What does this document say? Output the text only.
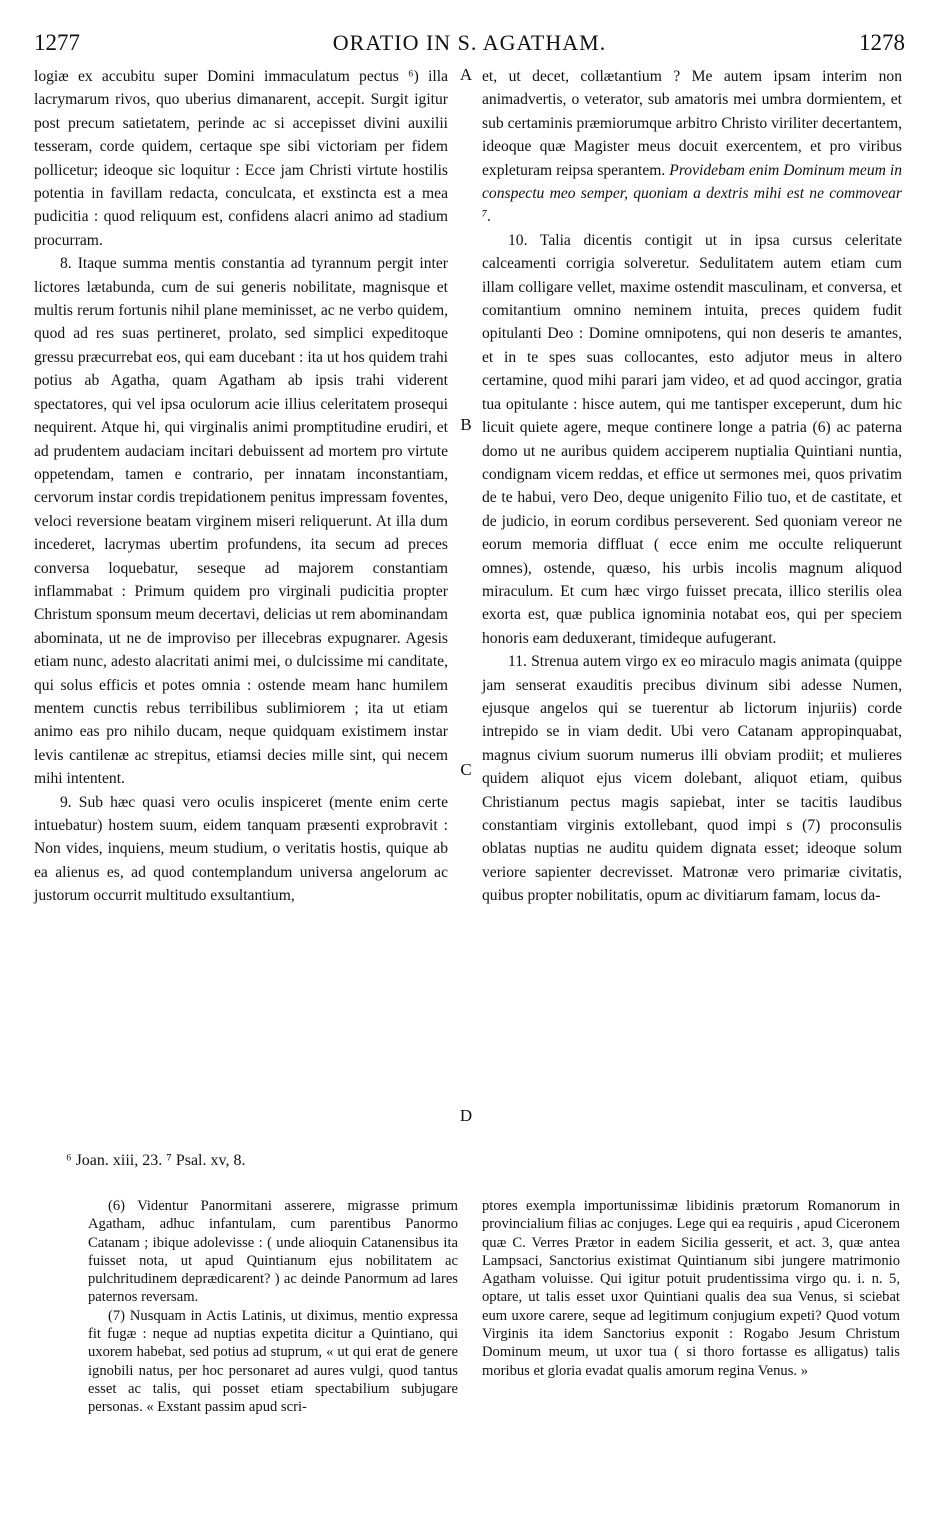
1277	ORATIO IN S. AGATHAM.	1278

logiæ ex accubitu super Domini immaculatum pectus ⁶) illa lacrymarum rivos, quo uberius dimanarent, accepit. Surgit igitur post precum satietatem, perinde ac si accepisset divini auxilii tesseram, corde quidem, certaque spe sibi victoriam per fidem pollicetur; ideoque sic loquitur : Ecce jam Christi virtute hostilis potentia in favillam redacta, conculcata, et exstincta est a mea pudicitia : quod reliquum est, confidens alacri animo ad stadium procurram.

8. Itaque summa mentis constantia ad tyrannum pergit inter lictores lætabunda, cum de sui generis nobilitate, magnisque et multis rerum fortunis nihil plane meminisset, ac ne verbo quidem, quod ad res suas pertineret, prolato, sed simplici expeditoque gressu præcurrebat eos, qui eam ducebant : ita ut hos quidem trahi potius ab Agatha, quam Agatham ab ipsis trahi viderent spectatores, qui vel ipsa oculorum acie illius celeritatem prosequi nequirent. Atque hi, qui virginalis animi promptitudine erudiri, et ad prudentem audaciam incitari debuissent ad mortem pro virtute oppetendam, tamen e contrario, per innatam inconstantiam, cervorum instar cordis trepidationem penitus impressam foventes, veloci reversione beatam virginem miseri reliquerunt. At illa dum incederet, lacrymas ubertim profundens, ita secum ad preces conversa loquebatur, seseque ad majorem constantiam inflammabat : Primum quidem pro virginali pudicitia propter Christum sponsum meum decertavi, delicias ut rem abominandam abominata, ut ne de improviso per illecebras expugnarer. Agesis etiam nunc, adesto alacritati animi mei, o dulcissime mi canditate, qui solus efficis et potes omnia : ostende meam hanc humilem mentem cunctis rebus terribilibus sublimiorem ; ita ut etiam animo eas pro nihilo ducam, neque quidquam existimem instar levis cantilenæ ac strepitus, etiamsi decies mille sint, qui necem mihi intentent.

9. Sub hæc quasi vero oculis inspiceret (mente enim certe intuebatur) hostem suum, eidem tanquam præsenti exprobravit : Non vides, inquiens, meum studium, o veritatis hostis, quique ab ea alienus es, ad quod contemplandum universa angelorum ac justorum occurrit multitudo exsultantium,

et, ut decet, collætantium ? Me autem ipsam interim non animadvertis, o veterator, sub amatoris mei umbra dormientem, et sub certaminis præmiorumque arbitro Christo viriliter decertantem, ideoque quæ Magister meus docuit exercentem, et pro viribus expleturam reipsa sperantem. Providebam enim Dominum meum in conspectu meo semper, quoniam a dextris mihi est ne commovear ⁷.

10. Talia dicentis contigit ut in ipsa cursus celeritate calceamenti corrigia solveretur. Sedulitatem autem etiam cum illam colligare vellet, maxime ostendit masculinam, et conversa, et comitantium omnino neminem intuita, preces quidem fudit opitulanti Deo : Domine omnipotens, qui non deseris te amantes, et in te spes suas collocantes, esto adjutor meus in altero certamine, quod mihi parari jam video, et ad quod accingor, gratia tua opitulante : hisce autem, qui me tantisper exceperunt, dum hic licuit quiete agere, meque continere longe a patria (6) ac paterna domo ut ne auribus quidem acciperem nuptialia Quintiani nuntia, condignam vicem reddas, et effice ut sermones mei, quos privatim de te habui, vero Deo, deque unigenito Filio tuo, et de castitate, et de judicio, in eorum cordibus perseverent. Sed quoniam vereor ne eorum memoria diffluat ( ecce enim me occulte reliquerunt omnes), ostende, quæso, his urbis incolis magnum aliquod miraculum. Et cum hæc virgo fuisset precata, illico sterilis olea exorta est, quæ publica ignominia notabat eos, qui per speciem honoris eam deduxerant, timideque aufugerant.

11. Strenua autem virgo ex eo miraculo magis animata (quippe jam senserat exauditis precibus divinum sibi adesse Numen, ejusque angelos qui se tuerentur ab lictorum injuriis) corde intrepido se in viam dedit. Ubi vero Catanam appropinquabat, magnus civium suorum numerus illi obviam prodiit; et mulieres quidem aliquot ejus vicem dolebant, aliquot etiam, quibus Christianum pectus magis sapiebat, inter se tacitis laudibus constantiam virginis extollebant, quod impi s (7) proconsulis oblatas nuptias ne auditu quidem dignata esset; ideoque solum veriore sapienter decrevisset. Matronæ vero primariæ civitatis, quibus propter nobilitatis, opum ac divitiarum famam, locus da-

A
B
C
D
⁶ Joan. xiii, 23. ⁷ Psal. xv, 8.

(6) Videntur Panormitani asserere, migrasse primum Agatham, adhuc infantulam, cum parentibus Panormo Catanam ; ibique adolevisse : ( unde alioquin Catanensibus ita fuisset nota, ut apud Quintianum ejus nobilitatem ac pulchritudinem deprædicarent? ) ac deinde Panormum ad lares paternos reversam.

(7) Nusquam in Actis Latinis, ut diximus, mentio expressa fit fugæ : neque ad nuptias expetita dicitur a Quintiano, qui uxorem habebat, sed potius ad stuprum, « ut qui erat de genere ignobili natus, per hoc personaret ad aures vulgi, quod tantus esset ac talis, qui posset etiam spectabilium subjugare personas. « Exstant passim apud scri-

ptores exempla importunissimæ libidinis prætorum Romanorum in provincialium filias ac conjuges. Lege qui ea requiris , apud Ciceronem quæ C. Verres Prætor in eadem Sicilia gesserit, et act. 3, quæ antea Lampsaci, Sanctorius existimat Quintianum sibi jungere matrimonio Agatham voluisse. Qui igitur potuit prudentissima virgo qu. i. n. 5, optare, ut talis esset uxor Quintiani qualis dea sua Venus, si sciebat eum uxore carere, seque ad legitimum conjugium expeti? Quod votum Virginis ita idem Sanctorius exponit : Rogabo Jesum Christum Dominum meum, ut uxor tua ( si thoro fortasse es alligatus) talis moribus et gloria evadat qualis amorum regina Venus. »
